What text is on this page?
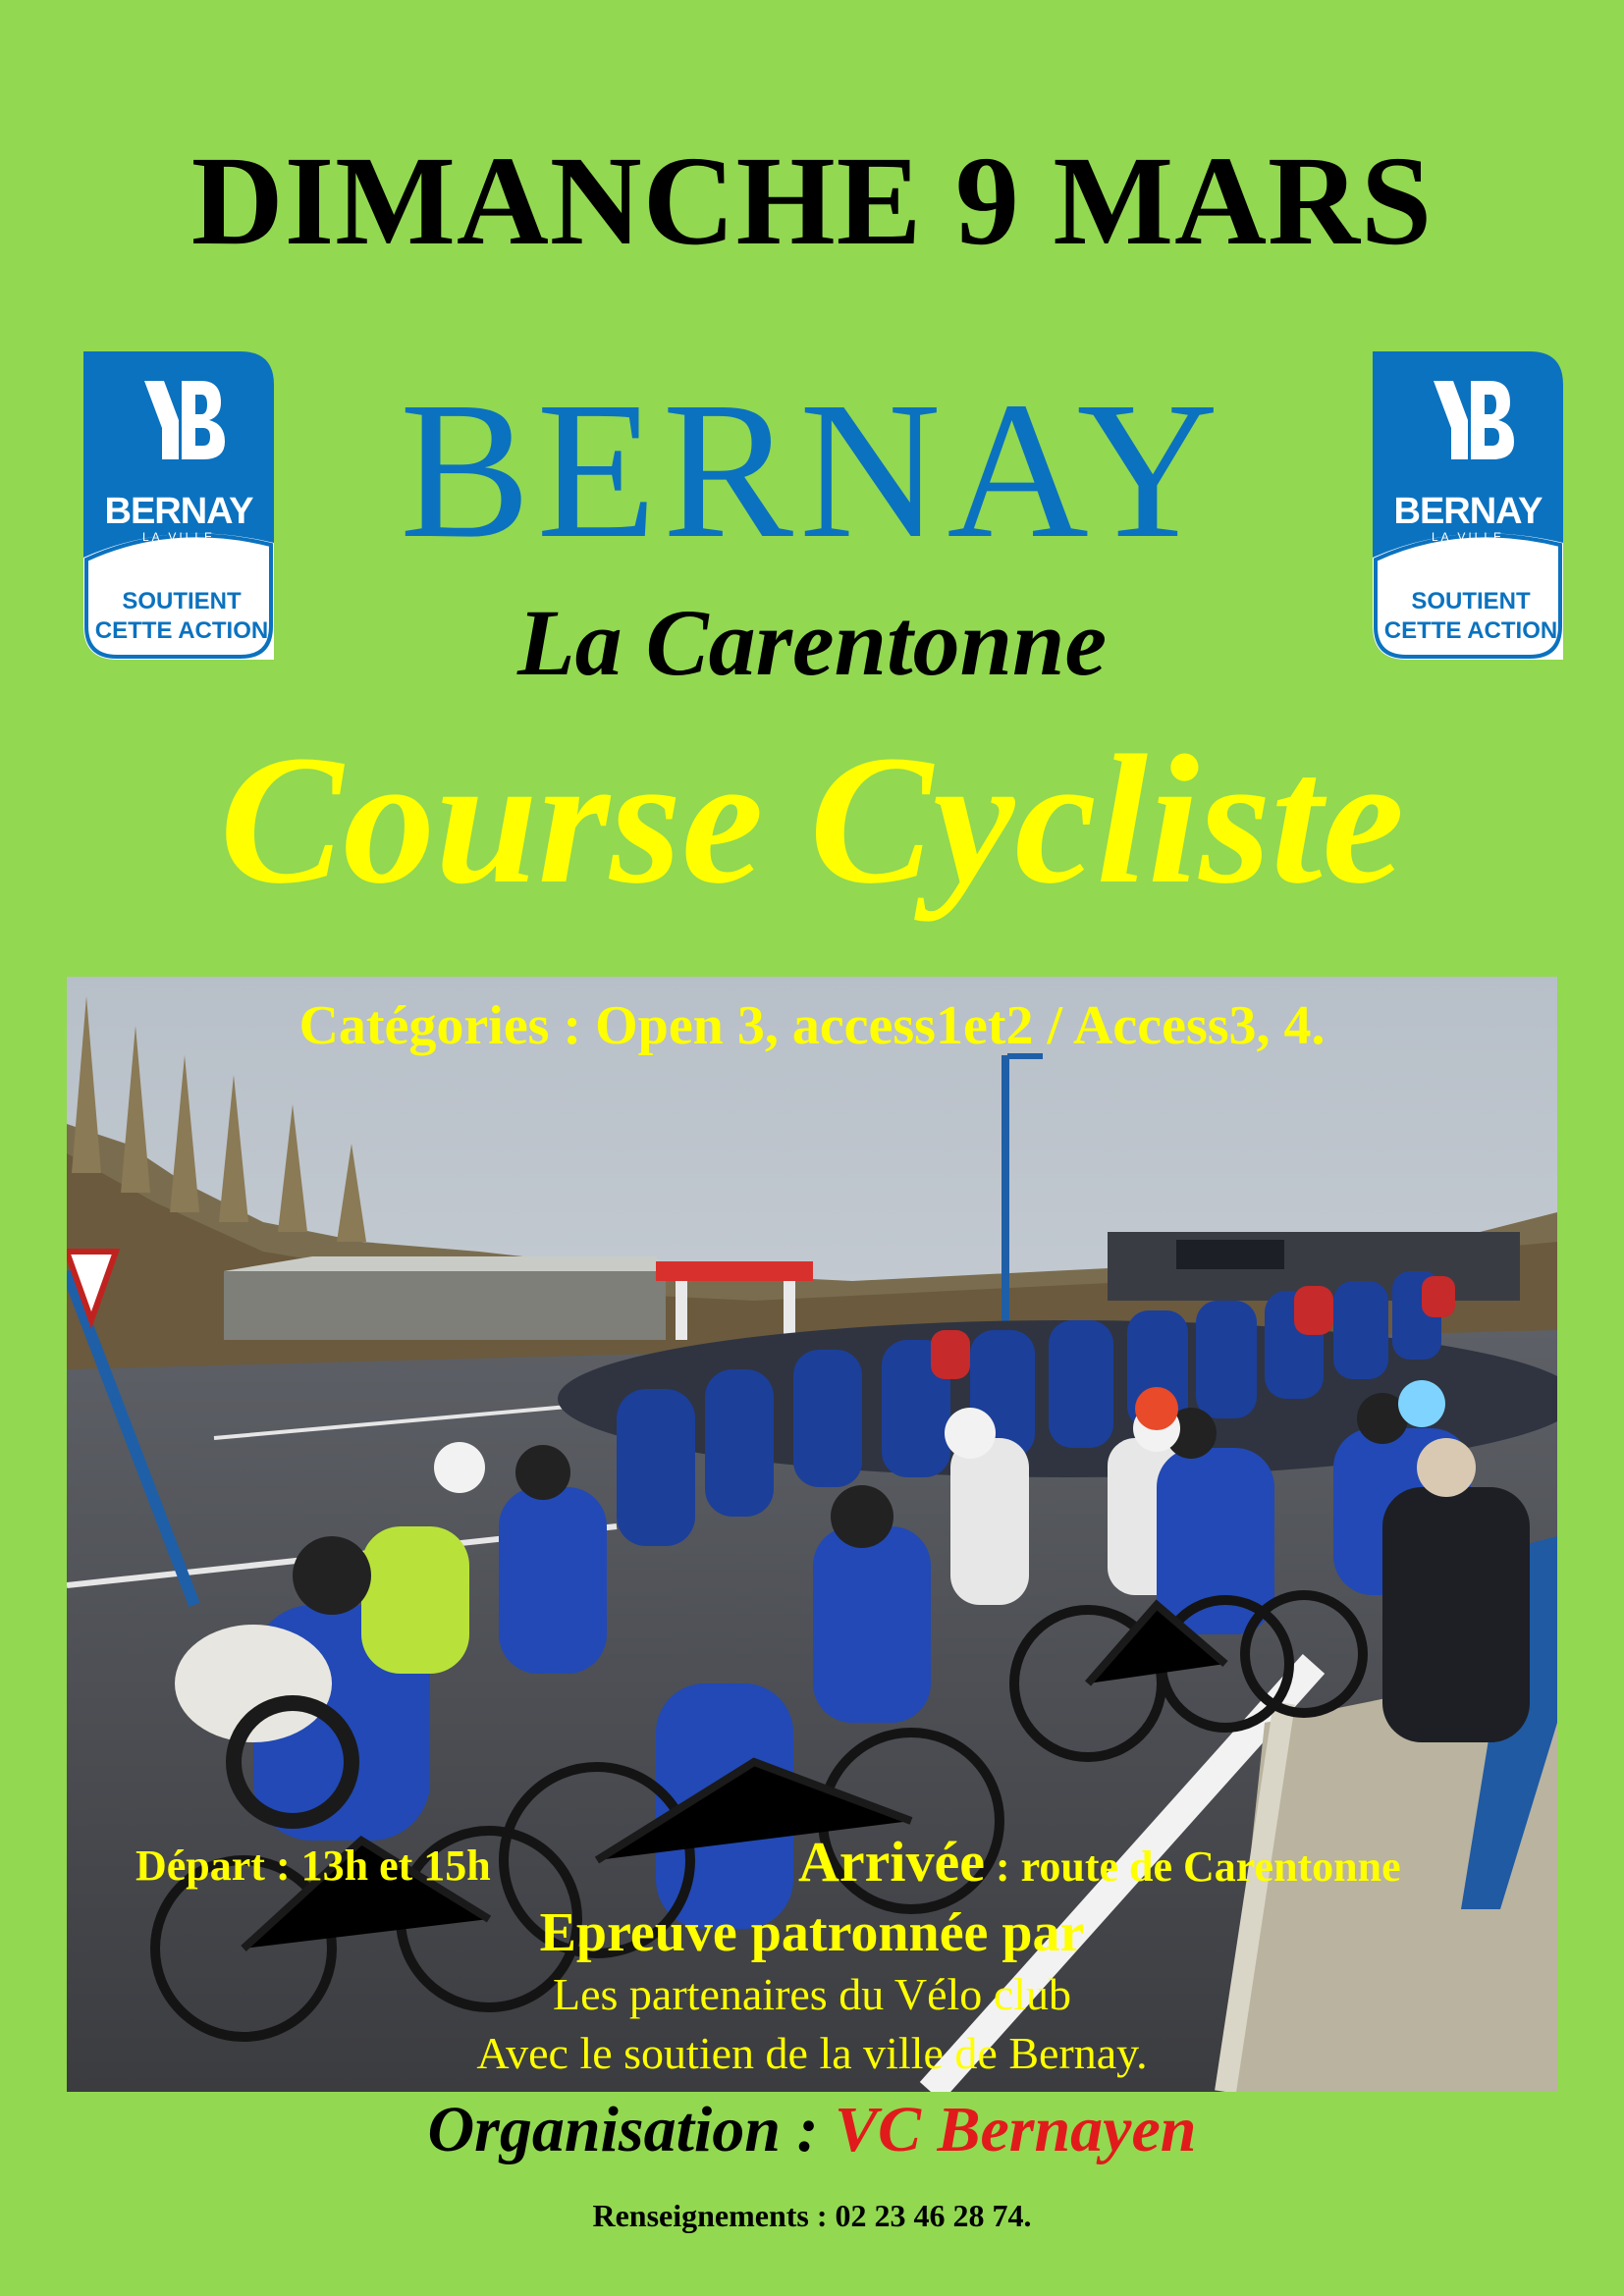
DIMANCHE 9 MARS
BERNAY
LA VILLE
SOUTIENT
CETTE ACTION
BERNAY
LA VILLE
SOUTIENT
CETTE ACTION
BERNAY
La Carentonne
Course Cycliste
Catégories : Open 3, access1et2 / Access3, 4.
Départ : 13h et 15h	Arrivée : route de Carentonne
Epreuve patronnée par
Les partenaires du Vélo club
Avec le soutien de la ville de Bernay.
Organisation : VC Bernayen
Renseignements : 02 23 46 28 74.
